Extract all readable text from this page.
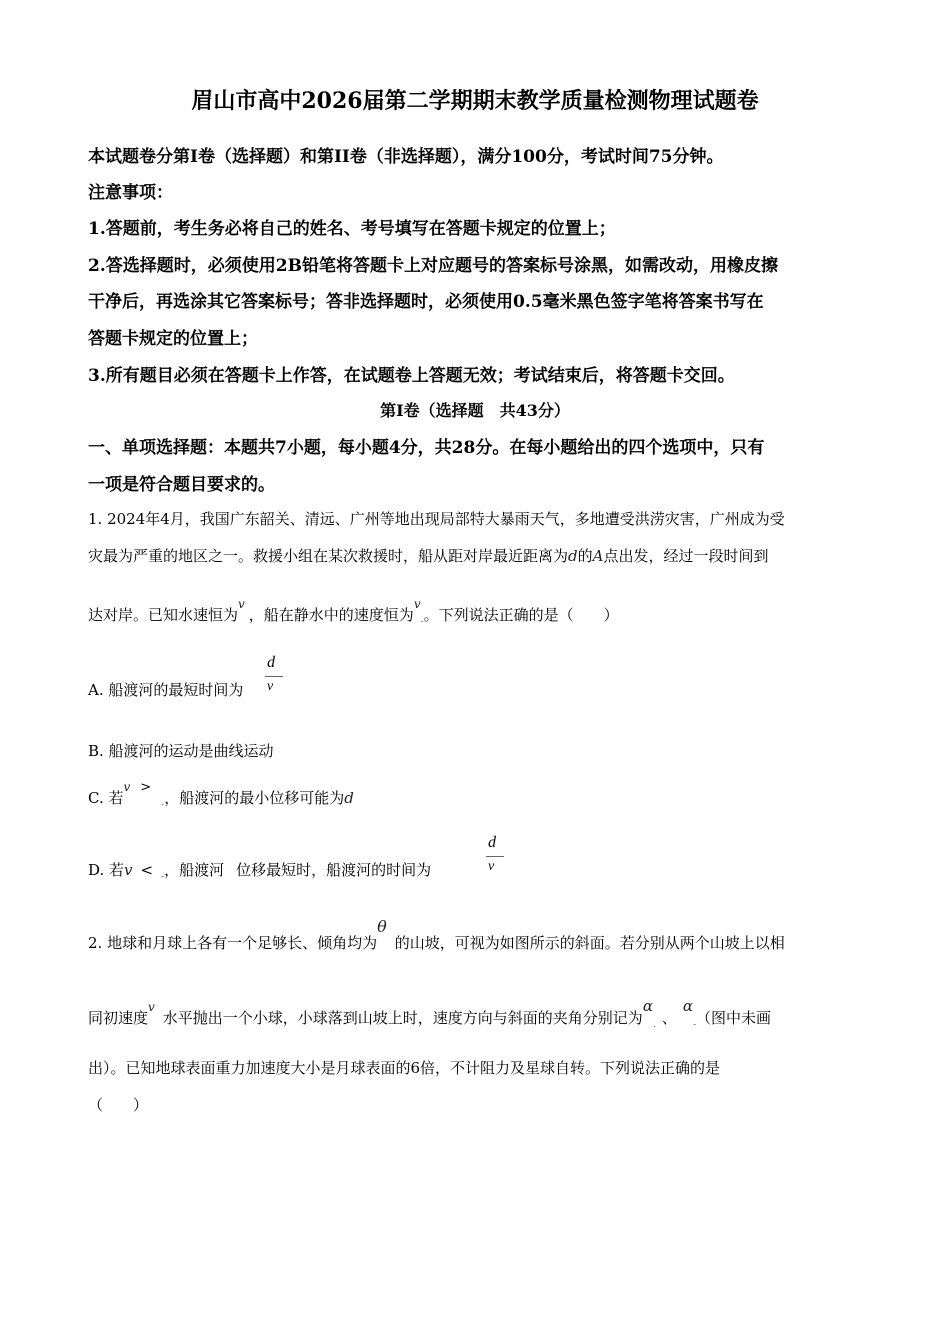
眉山市高中2026届第二学期期末教学质量检测物理试题卷
本试题卷分第I卷（选择题）和第II卷（非选择题），满分100分，考试时间75分钟。
注意事项：
1.答题前，考生务必将自己的姓名、考号填写在答题卡规定的位置上；
2.答选择题时，必须使用2B铅笔将答题卡上对应题号的答案标号涂黑，如需改动，用橡皮擦
干净后，再选涂其它答案标号；答非选择题时，必须使用0.5毫米黑色签字笔将答案书写在
答题卡规定的位置上；
3.所有题目必须在答题卡上作答，在试题卷上答题无效；考试结束后，将答题卡交回。
第I卷（选择题　共43分）
一、单项选择题：本题共7小题，每小题4分，共28分。在每小题给出的四个选项中，只有
一项是符合题目要求的。
1. 2024年4月，我国广东韶关、清远、广州等地出现局部特大暴雨天气，多地遭受洪涝灾害，广州成为受
灾最为严重的地区之一。救援小组在某次救援时，船从距对岸最近距离为d的A点出发，经过一段时间到
达对岸。已知水速恒为$^v$，船在静水中的速度恒为$^v_-$。下列说法正确的是（　　）
A. 船渡河的最短时间为
d
v
B. 船渡河的运动是曲线运动
C. 若$^v >_-$，船渡河的最小位移可能为d
D. 若v < $_-$，船渡河 位移最短时，船渡河的时间为
d
v
2. 地球和月球上各有一个足够长、倾角均为θ的山坡，可视为如图所示的斜面。若分别从两个山坡上以相
同初速度$^v$水平抛出一个小球，小球落到山坡上时，速度方向与斜面的夹角分别记为$\alpha_.$ 、$\alpha_-$（图中未画
出）。已知地球表面重力加速度大小是月球表面的6倍，不计阻力及星球自转。下列说法正确的是
（　　）
